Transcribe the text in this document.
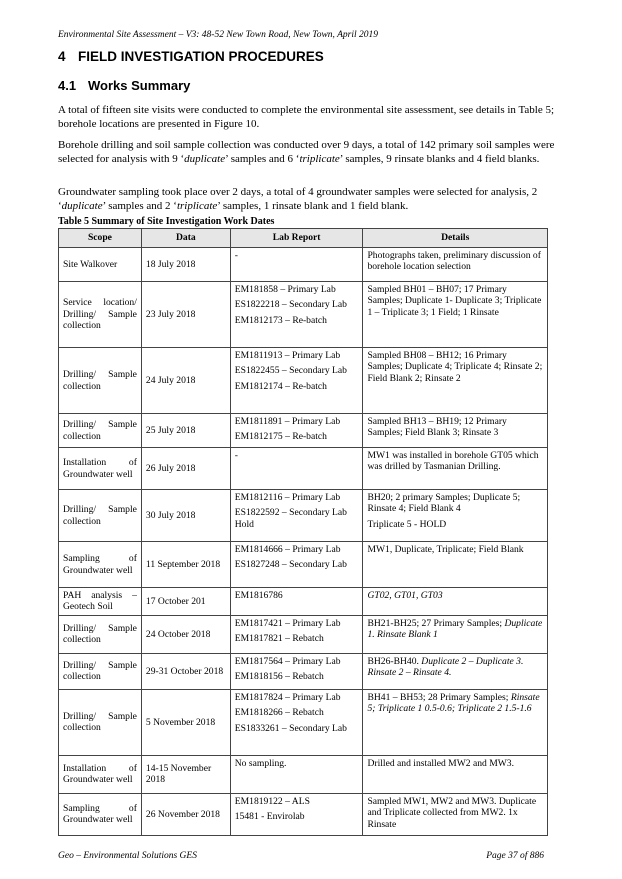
Environmental Site Assessment – V3: 48-52 New Town Road, New Town, April 2019
4 FIELD INVESTIGATION PROCEDURES
4.1 Works Summary

A total of fifteen site visits were conducted to complete the environmental site assessment, see details in Table 5; borehole locations are presented in Figure 10.

Borehole drilling and soil sample collection was conducted over 9 days, a total of 142 primary soil samples were selected for analysis with 9 ‘duplicate’ samples and 6 ‘triplicate’ samples, 9 rinsate blanks and 4 field blanks.

Groundwater sampling took place over 2 days, a total of 4 groundwater samples were selected for analysis, 2 ‘duplicate’ samples and 2 ‘triplicate’ samples, 1 rinsate blank and 1 field blank.

Table 5 Summary of Site Investigation Work Dates
Scope	Data	Lab Report	Details
Site Walkover	18 July 2018	-	Photographs taken, preliminary discussion of borehole location selection
Service location/ Drilling/ Sample collection	23 July 2018	EM181858 – Primary Lab
ES1822218 – Secondary Lab
EM1812173 – Re-batch	Sampled BH01 – BH07; 17 Primary Samples; Duplicate 1- Duplicate 3; Triplicate 1 – Triplicate 3; 1 Field; 1 Rinsate
Drilling/ Sample collection	24 July 2018	EM1811913 – Primary Lab
ES1822455 – Secondary Lab
EM1812174 – Re-batch	Sampled BH08 – BH12; 16 Primary Samples; Duplicate 4; Triplicate 4; Rinsate 2; Field Blank 2; Rinsate 2
Drilling/ Sample collection	25 July 2018	EM1811891 – Primary Lab
EM1812175 – Re-batch	Sampled BH13 – BH19; 12 Primary Samples; Field Blank 3; Rinsate 3
Installation of Groundwater well	26 July 2018	-	MW1 was installed in borehole GT05 which was drilled by Tasmanian Drilling.
Drilling/ Sample collection	30 July 2018	EM1812116 – Primary Lab
ES1822592 – Secondary Lab Hold	BH20; 2 primary Samples; Duplicate 5; Rinsate 4; Field Blank 4
Triplicate 5 - HOLD

Sampling of Groundwater well	11 September 2018	EM1814666 – Primary Lab
ES1827248 – Secondary Lab	MW1, Duplicate, Triplicate; Field Blank
PAH analysis – Geotech Soil	17 October 201	EM1816786	GT02, GT01, GT03
Drilling/ Sample collection	24 October 2018	EM1817421 – Primary Lab
EM1817821 – Rebatch	BH21-BH25; 27 Primary Samples; Duplicate 1. Rinsate Blank 1
Drilling/ Sample collection	29-31 October 2018	EM1817564 – Primary Lab
EM1818156 – Rebatch	BH26-BH40. Duplicate 2 – Duplicate 3. Rinsate 2 – Rinsate 4.
Drilling/ Sample collection	5 November 2018	EM1817824 – Primary Lab
EM1818266 – Rebatch
ES1833261 – Secondary Lab	BH41 – BH53; 28 Primary Samples; Rinsate 5; Triplicate 1 0.5-0.6; Triplicate 2 1.5-1.6
Installation of Groundwater well	14-15 November 2018	No sampling.	Drilled and installed MW2 and MW3.
Sampling of Groundwater well	26 November 2018	EM1819122 – ALS
15481 - Envirolab	Sampled MW1, MW2 and MW3. Duplicate and Triplicate collected from MW2. 1x Rinsate
Geo – Environmental Solutions GES	Page 37 of 886
